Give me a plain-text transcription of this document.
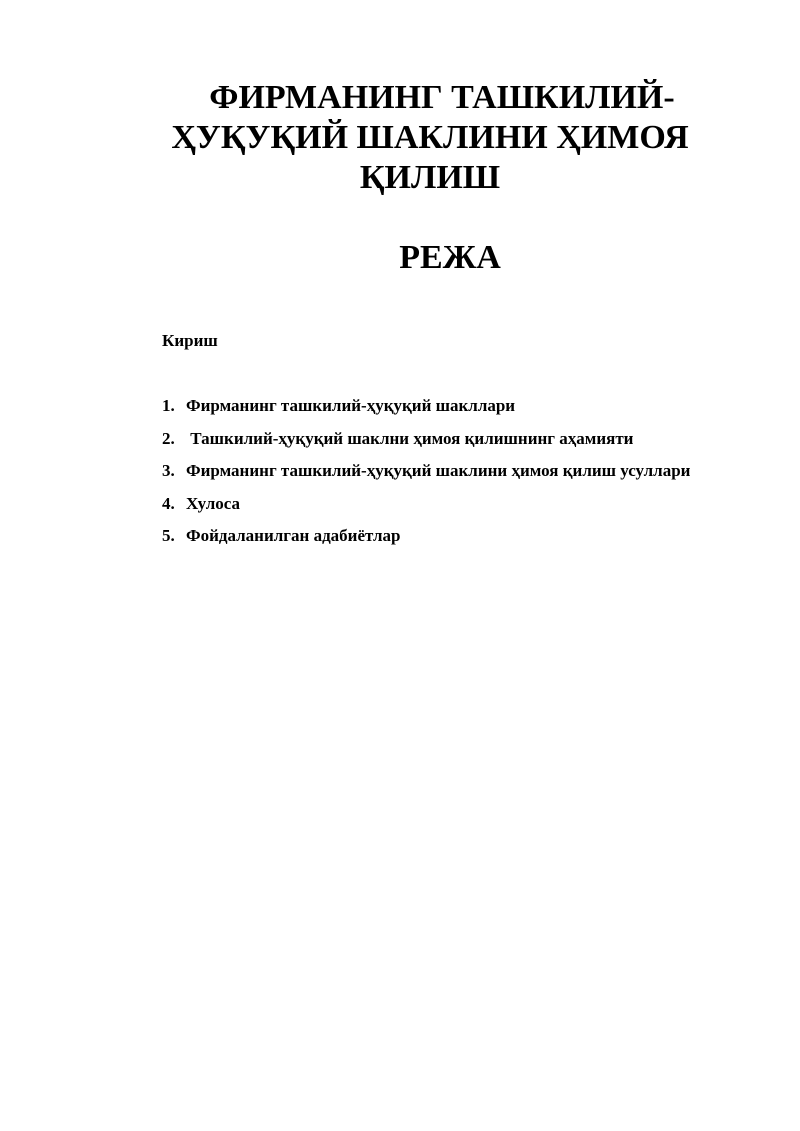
ФИРМАНИНГ ТАШКИЛИЙ-
ҲУҚУҚИЙ ШАКЛИНИ ҲИМОЯ
ҚИЛИШ
РЕЖА

Кириш

1. Фирманинг ташкилий-ҳуқуқий шакллари
2. Ташкилий-ҳуқуқий шаклни ҳимоя қилишнинг аҳамияти
3. Фирманинг ташкилий-ҳуқуқий шаклини ҳимоя қилиш усуллари
4. Хулоса
5. Фойдаланилган адабиётлар
